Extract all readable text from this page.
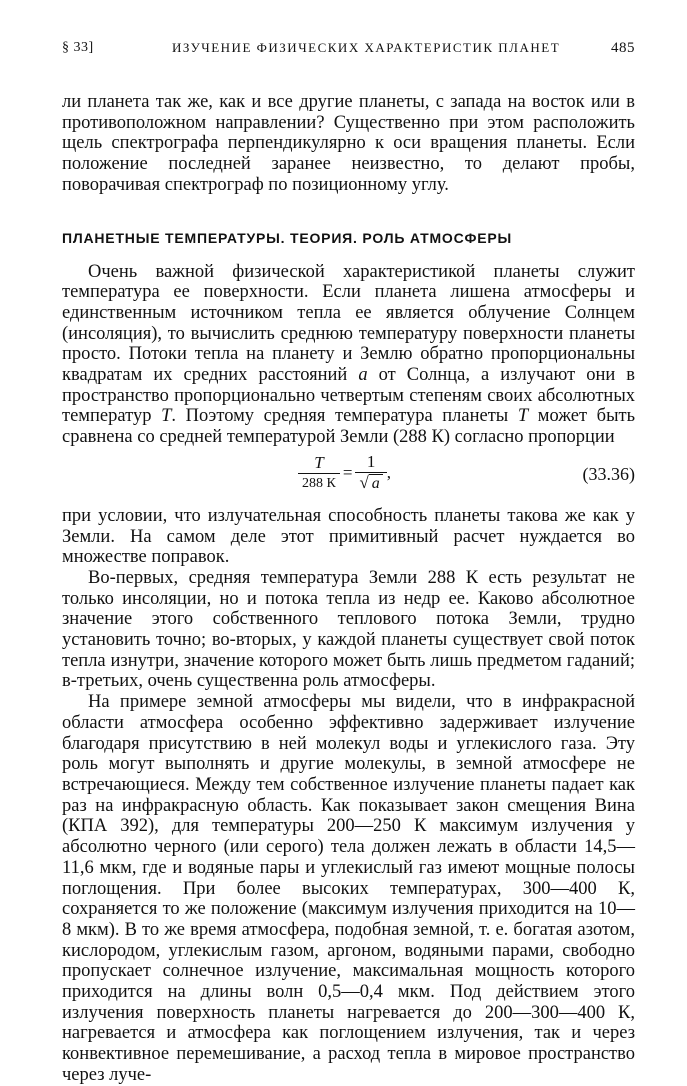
§ 33]	ИЗУЧЕНИЕ ФИЗИЧЕСКИХ ХАРАКТЕРИСТИК ПЛАНЕТ	485

ли планета так же, как и все другие планеты, с запада на восток или в противоположном направлении? Существенно при этом расположить щель спектрографа перпендикулярно к оси вращения планеты. Если положение последней заранее неизвестно, то делают пробы, поворачивая спектрограф по позиционному углу.

ПЛАНЕТНЫЕ ТЕМПЕРАТУРЫ. ТЕОРИЯ. РОЛЬ АТМОСФЕРЫ

Очень важной физической характеристикой планеты служит температура ее поверхности. Если планета лишена атмосферы и единственным источником тепла ее является облучение Солнцем (инсоляция), то вычислить среднюю температуру поверхности планеты просто. Потоки тепла на планету и Землю обратно пропорциональны квадратам их средних расстояний a от Солнца, а излучают они в пространство пропорционально четвертым степеням своих абсолютных температур T. Поэтому средняя температура планеты T может быть сравнена со средней температурой Земли (288 К) согласно пропорции

$\frac{T}{288 К} = \frac{1}{√ a}$ ,	(33.36)

при условии, что излучательная способность планеты такова же как у Земли. На самом деле этот примитивный расчет нуждается во множестве поправок.

Во-первых, средняя температура Земли 288 К есть результат не только инсоляции, но и потока тепла из недр ее. Каково абсолютное значение этого собственного теплового потока Земли, трудно установить точно; во-вторых, у каждой планеты существует свой поток тепла изнутри, значение которого может быть лишь предметом гаданий; в-третьих, очень существенна роль атмосферы.

На примере земной атмосферы мы видели, что в инфракрасной области атмосфера особенно эффективно задерживает излучение благодаря присутствию в ней молекул воды и углекислого газа. Эту роль могут выполнять и другие молекулы, в земной атмосфере не встречающиеся. Между тем собственное излучение планеты падает как раз на инфракрасную область. Как показывает закон смещения Вина (КПА 392), для температуры 200—250 К максимум излучения у абсолютно черного (или серого) тела должен лежать в области 14,5—11,6 мкм, где и водяные пары и углекислый газ имеют мощные полосы поглощения. При более высоких температурах, 300—400 К, сохраняется то же положение (максимум излучения приходится на 10—8 мкм). В то же время атмосфера, подобная земной, т. е. богатая азотом, кислородом, углекислым газом, аргоном, водяными парами, свободно пропускает солнечное излучение, максимальная мощность которого приходится на длины волн 0,5—0,4 мкм. Под действием этого излучения поверхность планеты нагревается до 200—300—400 К, нагревается и атмосфера как поглощением излучения, так и через конвективное перемешивание, а расход тепла в мировое пространство через луче-
